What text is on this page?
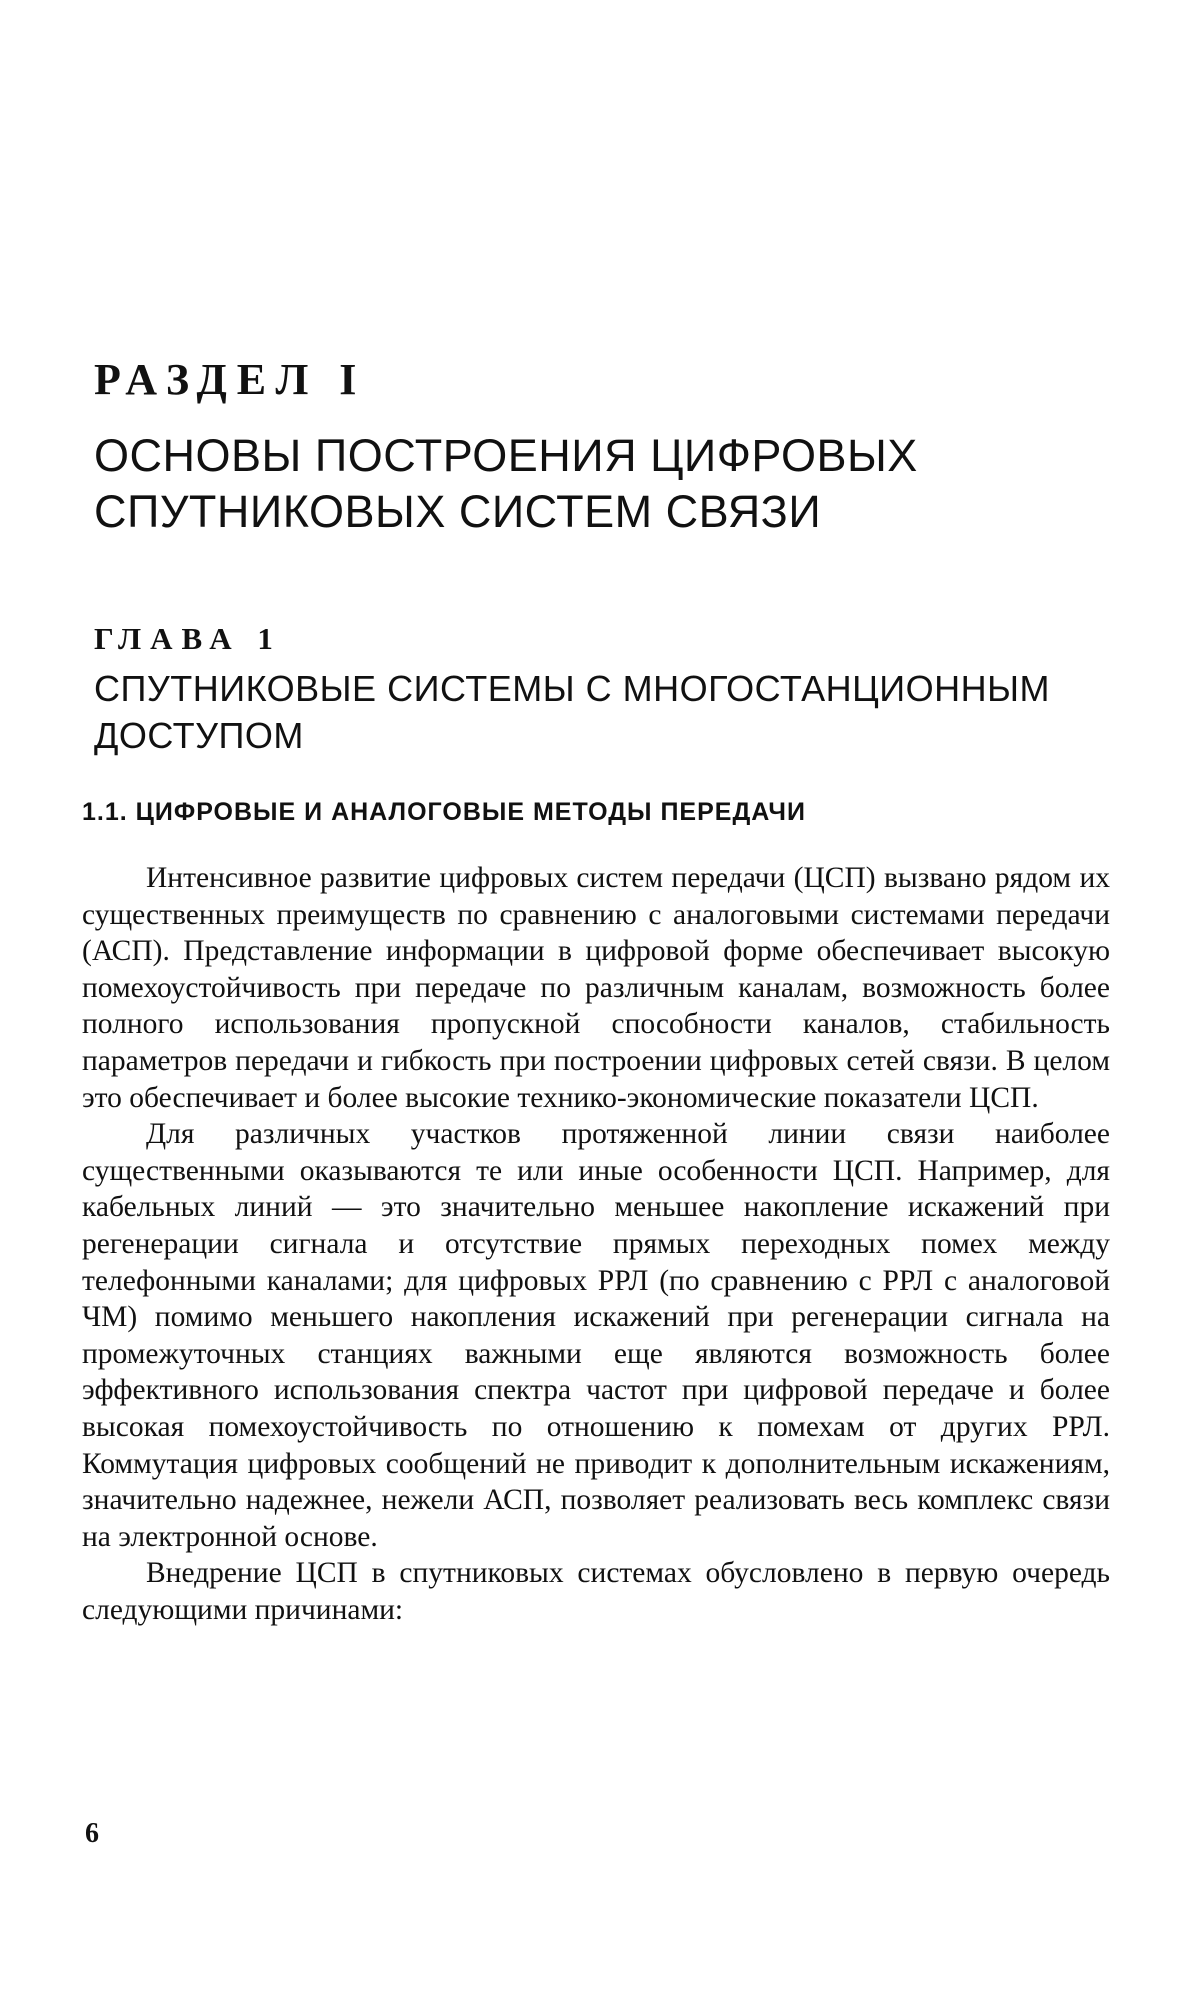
РАЗДЕЛ I
ОСНОВЫ ПОСТРОЕНИЯ ЦИФРОВЫХ СПУТНИКОВЫХ СИСТЕМ СВЯЗИ
ГЛАВА 1
СПУТНИКОВЫЕ СИСТЕМЫ С МНОГОСТАНЦИОННЫМ ДОСТУПОМ
1.1. ЦИФРОВЫЕ И АНАЛОГОВЫЕ МЕТОДЫ ПЕРЕДАЧИ

Интенсивное развитие цифровых систем передачи (ЦСП) вызвано рядом их существенных преимуществ по сравнению с аналоговыми системами передачи (АСП). Представление информации в цифровой форме обеспечивает высокую помехоустойчивость при передаче по различным каналам, возможность более полного использования пропускной способности каналов, стабильность параметров передачи и гибкость при построении цифровых сетей связи. В целом это обеспечивает и более высокие технико-экономические показатели ЦСП.

Для различных участков протяженной линии связи наиболее существенными оказываются те или иные особенности ЦСП. Например, для кабельных линий — это значительно меньшее накопление искажений при регенерации сигнала и отсутствие прямых переходных помех между телефонными каналами; для цифровых РРЛ (по сравнению с РРЛ с аналоговой ЧМ) помимо меньшего накопления искажений при регенерации сигнала на промежуточных станциях важными еще являются возможность более эффективного использования спектра частот при цифровой передаче и более высокая помехоустойчивость по отношению к помехам от других РРЛ. Коммутация цифровых сообщений не приводит к дополнительным искажениям, значительно надежнее, нежели АСП, позволяет реализовать весь комплекс связи на электронной основе.

Внедрение ЦСП в спутниковых системах обусловлено в первую очередь следующими причинами:

6
